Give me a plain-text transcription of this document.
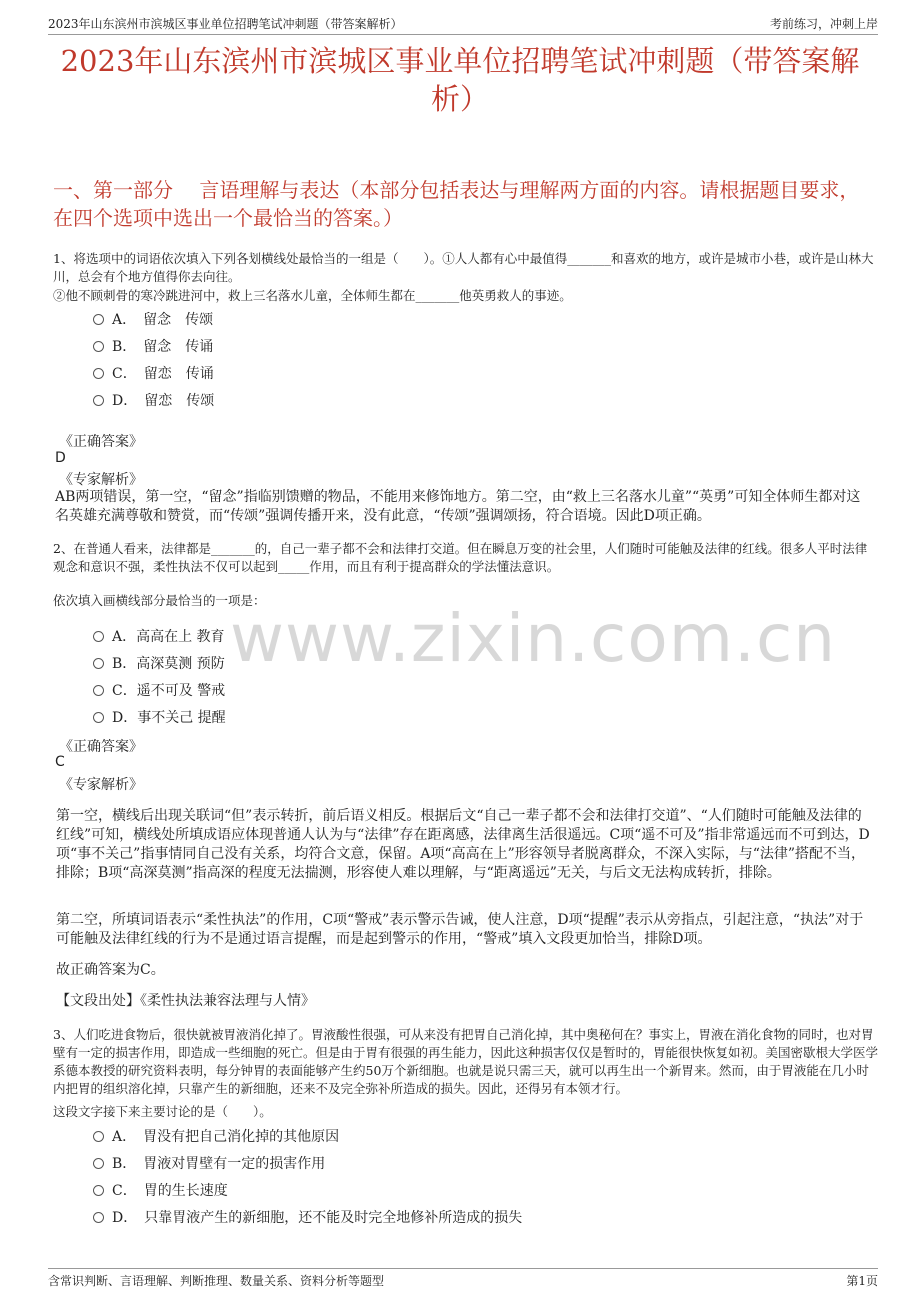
2023年山东滨州市滨城区事业单位招聘笔试冲刺题（带答案解析）	考前练习，冲刺上岸
2023年山东滨州市滨城区事业单位招聘笔试冲刺题（带答案解析）
一、第一部分　 言语理解与表达（本部分包括表达与理解两方面的内容。请根据题目要求，在四个选项中选出一个最恰当的答案。）
1、将选项中的词语依次填入下列各划横线处最恰当的一组是（　　）。①人人都有心中最值得_______和喜欢的地方，或许是城市小巷，或许是山林大川，总会有个地方值得你去向往。
②他不顾刺骨的寒冷跳进河中，救上三名落水儿童，全体师生都在_______他英勇救人的事迹。
A．　留念　传颂
B．　留念　传诵
C．　留恋　传诵
D．　留恋　传颂
《正确答案》
D
《专家解析》
AB两项错误，第一空，“留念”指临别馈赠的物品，不能用来修饰地方。第二空，由“救上三名落水儿童”“英勇”可知全体师生都对这名英雄充满尊敬和赞赏，而“传颂”强调传播开来，没有此意，“传颂”强调颂扬，符合语境。因此D项正确。
2、在普通人看来，法律都是_______的，自己一辈子都不会和法律打交道。但在瞬息万变的社会里，人们随时可能触及法律的红线。很多人平时法律观念和意识不强，柔性执法不仅可以起到_____作用，而且有利于提高群众的学法懂法意识。
依次填入画横线部分最恰当的一项是：
A．高高在上 教育
B．高深莫测 预防
C．遥不可及 警戒
D．事不关己 提醒
《正确答案》
C
《专家解析》
第一空，横线后出现关联词“但”表示转折，前后语义相反。根据后文“自己一辈子都不会和法律打交道”、“人们随时可能触及法律的红线”可知，横线处所填成语应体现普通人认为与“法律”存在距离感，法律离生活很遥远。C项“遥不可及”指非常遥远而不可到达，D项“事不关己”指事情同自己没有关系，均符合文意，保留。A项“高高在上”形容领导者脱离群众，不深入实际，与“法律”搭配不当，排除；B项“高深莫测”指高深的程度无法揣测，形容使人难以理解，与“距离遥远”无关，与后文无法构成转折，排除。
第二空，所填词语表示“柔性执法”的作用，C项“警戒”表示警示告诫，使人注意，D项“提醒”表示从旁指点，引起注意，“执法”对于可能触及法律红线的行为不是通过语言提醒，而是起到警示的作用，“警戒”填入文段更加恰当，排除D项。
故正确答案为C。
【文段出处】《柔性执法兼容法理与人情》
3、人们吃进食物后，很快就被胃液消化掉了。胃液酸性很强，可从来没有把胃自己消化掉，其中奥秘何在？事实上，胃液在消化食物的同时，也对胃壁有一定的损害作用，即造成一些细胞的死亡。但是由于胃有很强的再生能力，因此这种损害仅仅是暂时的，胃能很快恢复如初。美国密歇根大学医学系德本教授的研究资料表明，每分钟胃的表面能够产生约50万个新细胞。也就是说只需三天，就可以再生出一个新胃来。然而，由于胃液能在几小时内把胃的组织溶化掉，只靠产生的新细胞，还来不及完全弥补所造成的损失。因此，还得另有本领才行。
这段文字接下来主要讨论的是（　　）。
A．　胃没有把自己消化掉的其他原因
B．　胃液对胃壁有一定的损害作用
C．　胃的生长速度
D．　只靠胃液产生的新细胞，还不能及时完全地修补所造成的损失
www.zixin.com.cn
含常识判断、言语理解、判断推理、数量关系、资料分析等题型	第1页
